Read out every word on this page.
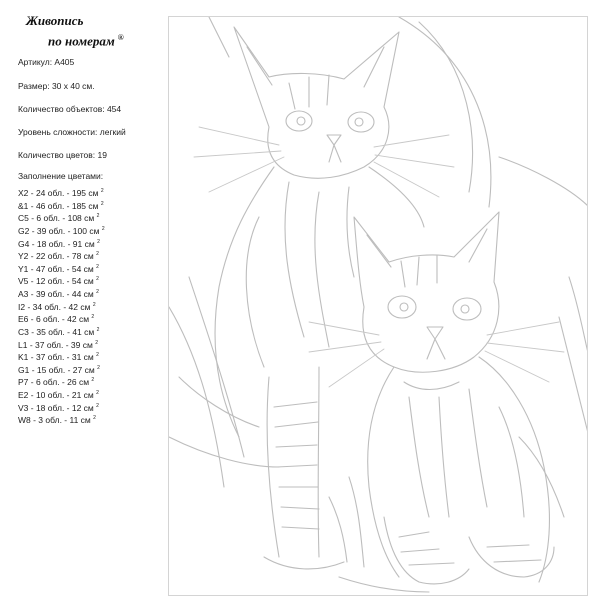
Живопись
по номерам ®
Артикул: A405
Размер: 30 х 40 см.
Количество объектов: 454
Уровень сложности: легкий
Количество цветов: 19
Заполнение цветами:
X2 - 24 обл. - 195 см $^2$
&1 - 46 обл. - 185 см $^2$
C5 - 6 обл. - 108 см $^2$
G2 - 39 обл. - 100 см $^2$
G4 - 18 обл. - 91 см $^2$
Y2 - 22 обл. - 78 см $^2$
Y1 - 47 обл. - 54 см $^2$
V5 - 12 обл. - 54 см $^2$
A3 - 39 обл. - 44 см $^2$
I2 - 34 обл. - 42 см $^2$
E6 - 6 обл. - 42 см $^2$
C3 - 35 обл. - 41 см $^2$
L1 - 37 обл. - 39 см $^2$
K1 - 37 обл. - 31 см $^2$
G1 - 15 обл. - 27 см $^2$
P7 - 6 обл. - 26 см $^2$
E2 - 10 обл. - 21 см $^2$
V3 - 18 обл. - 12 см $^2$
W8 - 3 обл. - 11 см $^2$
